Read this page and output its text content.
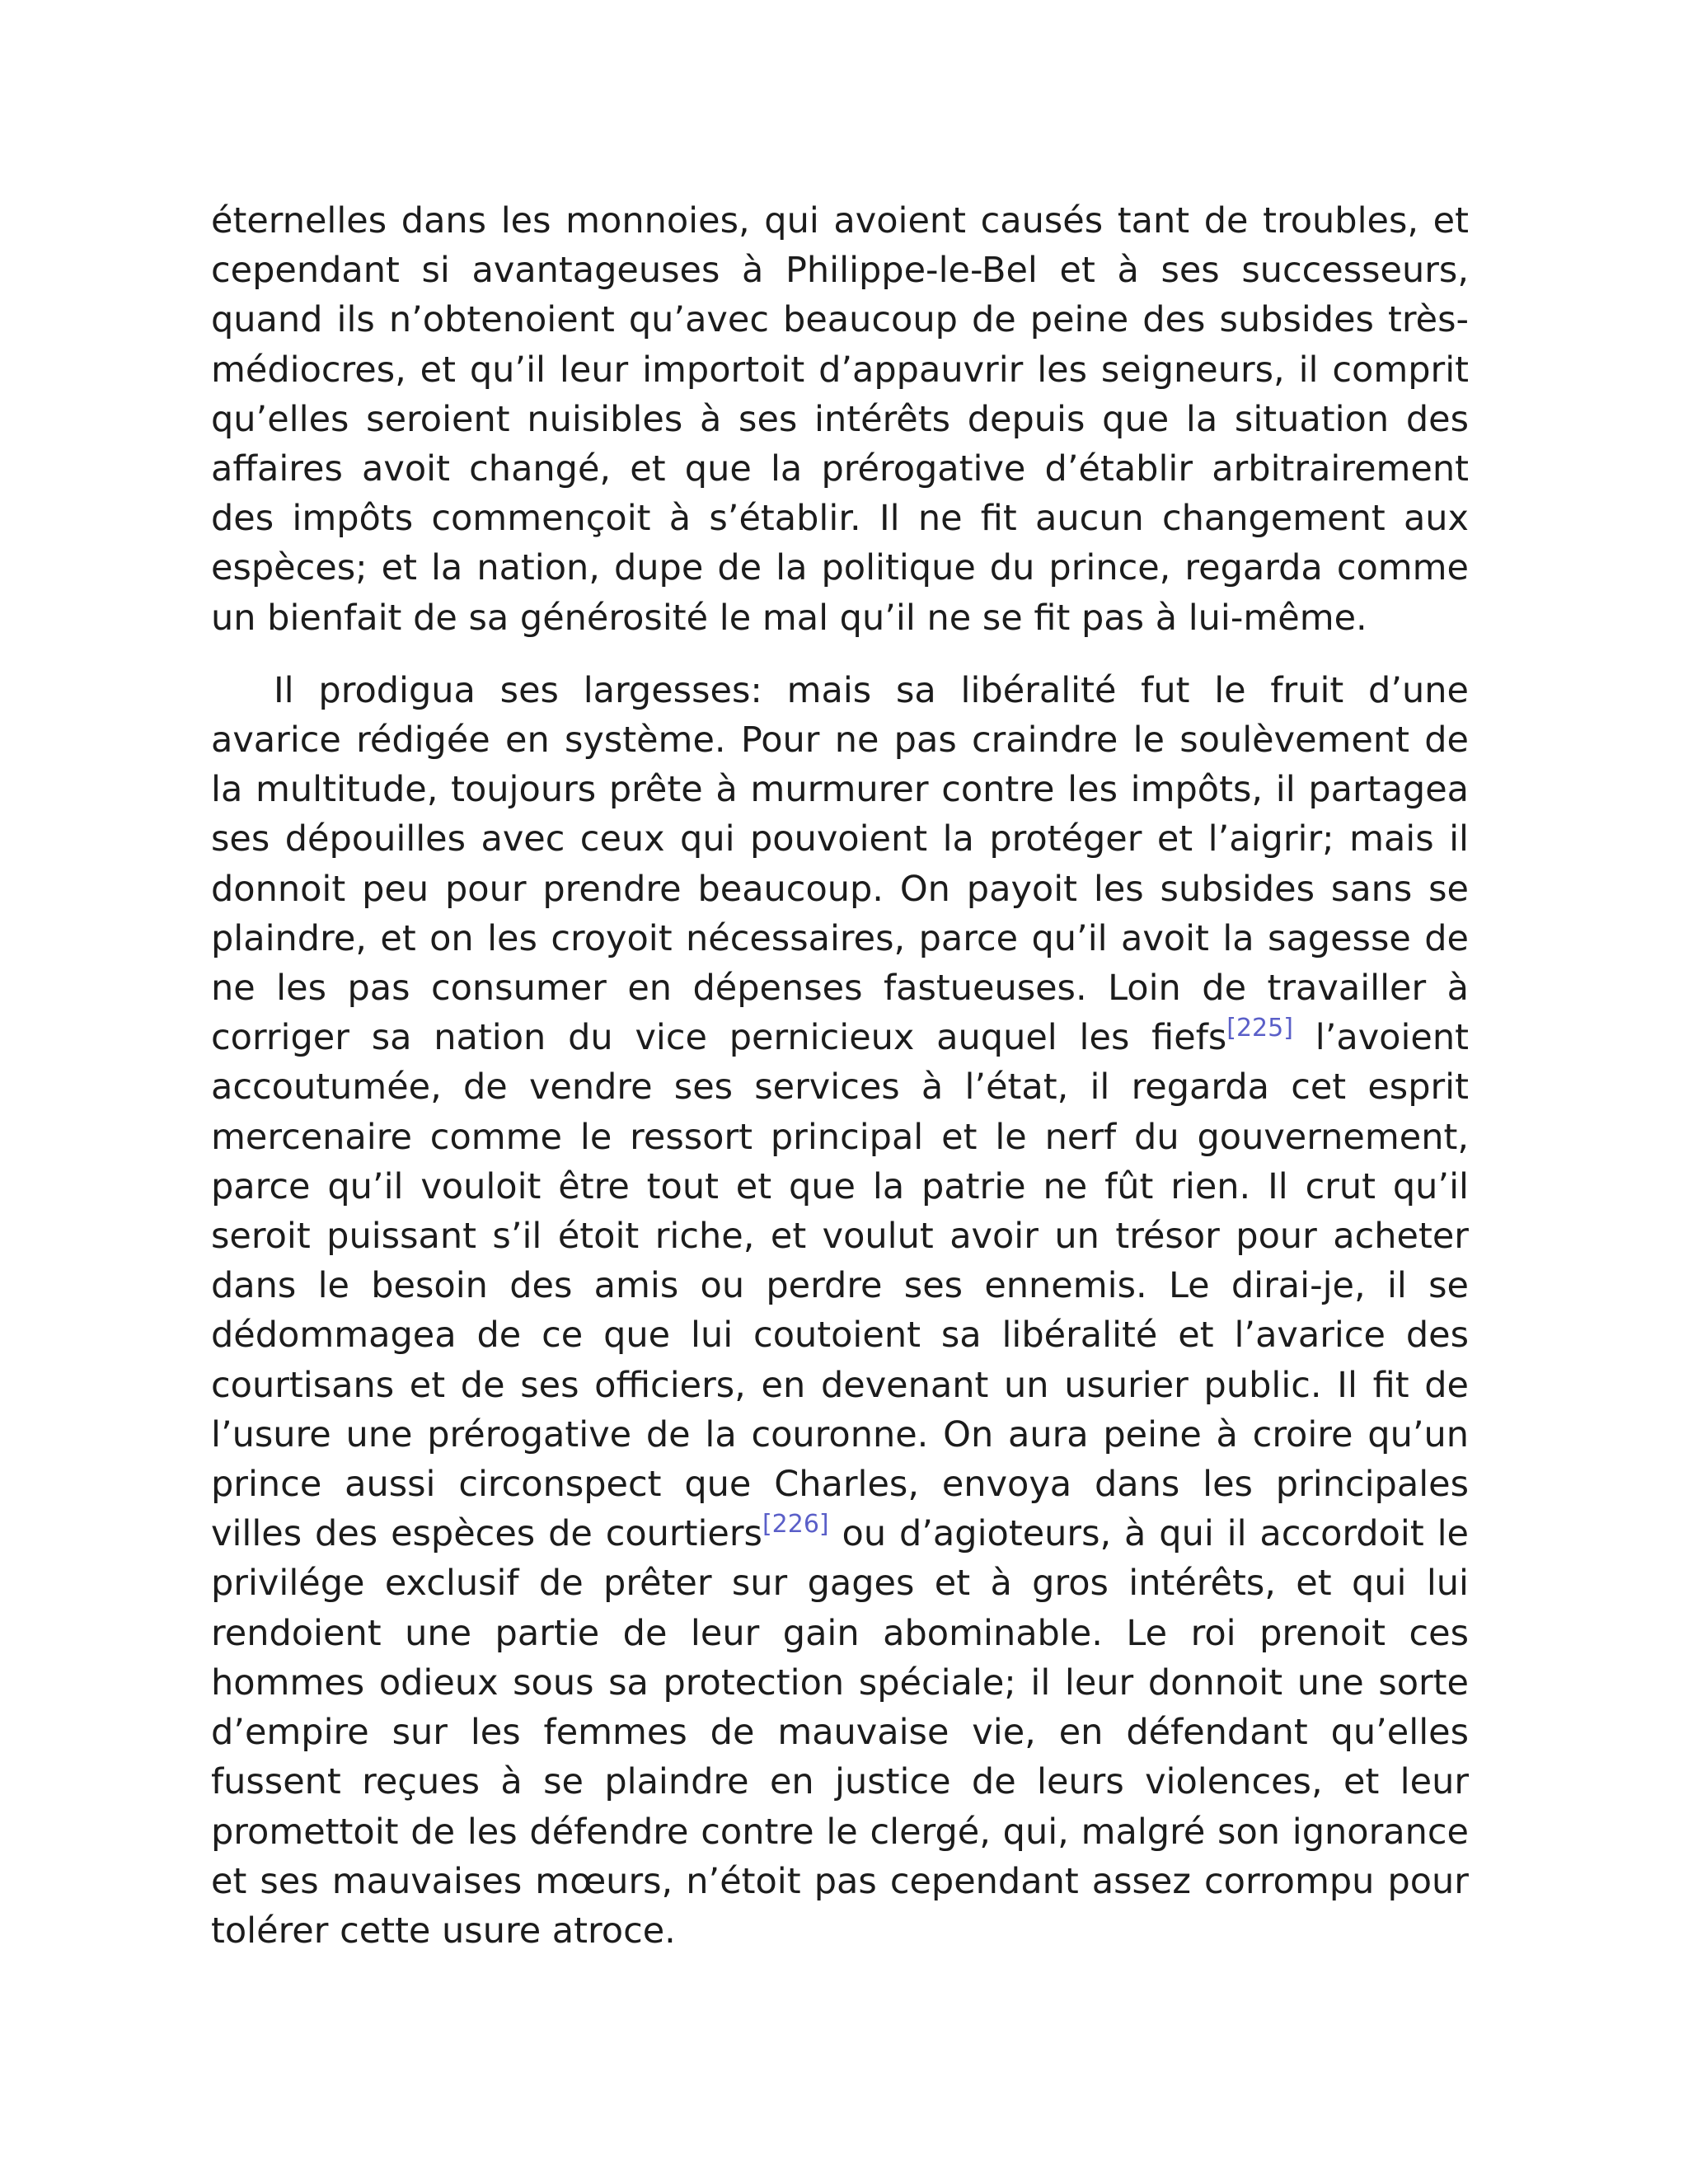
éternelles dans les monnoies, qui avoient causés tant de troubles, et cependant si avantageuses à Philippe-le-Bel et à ses successeurs, quand ils n’obtenoient qu’avec beaucoup de peine des subsides très-médiocres, et qu’il leur importoit d’appauvrir les seigneurs, il comprit qu’elles seroient nuisibles à ses intérêts depuis que la situation des affaires avoit changé, et que la prérogative d’établir arbitrairement des impôts commençoit à s’établir. Il ne fit aucun changement aux espèces; et la nation, dupe de la politique du prince, regarda comme un bienfait de sa générosité le mal qu’il ne se fit pas à lui-même.

Il prodigua ses largesses: mais sa libéralité fut le fruit d’une avarice rédigée en système. Pour ne pas craindre le soulèvement de la multitude, toujours prête à murmurer contre les impôts, il partagea ses dépouilles avec ceux qui pouvoient la protéger et l’aigrir; mais il donnoit peu pour prendre beaucoup. On payoit les subsides sans se plaindre, et on les croyoit nécessaires, parce qu’il avoit la sagesse de ne les pas consumer en dépenses fastueuses. Loin de travailler à corriger sa nation du vice pernicieux auquel les fiefs[225] l’avoient accoutumée, de vendre ses services à l’état, il regarda cet esprit mercenaire comme le ressort principal et le nerf du gouvernement, parce qu’il vouloit être tout et que la patrie ne fût rien. Il crut qu’il seroit puissant s’il étoit riche, et voulut avoir un trésor pour acheter dans le besoin des amis ou perdre ses ennemis. Le dirai-je, il se dédommagea de ce que lui coutoient sa libéralité et l’avarice des courtisans et de ses officiers, en devenant un usurier public. Il fit de l’usure une prérogative de la couronne. On aura peine à croire qu’un prince aussi circonspect que Charles, envoya dans les principales villes des espèces de courtiers[226] ou d’agioteurs, à qui il accordoit le privilége exclusif de prêter sur gages et à gros intérêts, et qui lui rendoient une partie de leur gain abominable. Le roi prenoit ces hommes odieux sous sa protection spéciale; il leur donnoit une sorte d’empire sur les femmes de mauvaise vie, en défendant qu’elles fussent reçues à se plaindre en justice de leurs violences, et leur promettoit de les défendre contre le clergé, qui, malgré son ignorance et ses mauvaises mœurs, n’étoit pas cependant assez corrompu pour tolérer cette usure atroce.
